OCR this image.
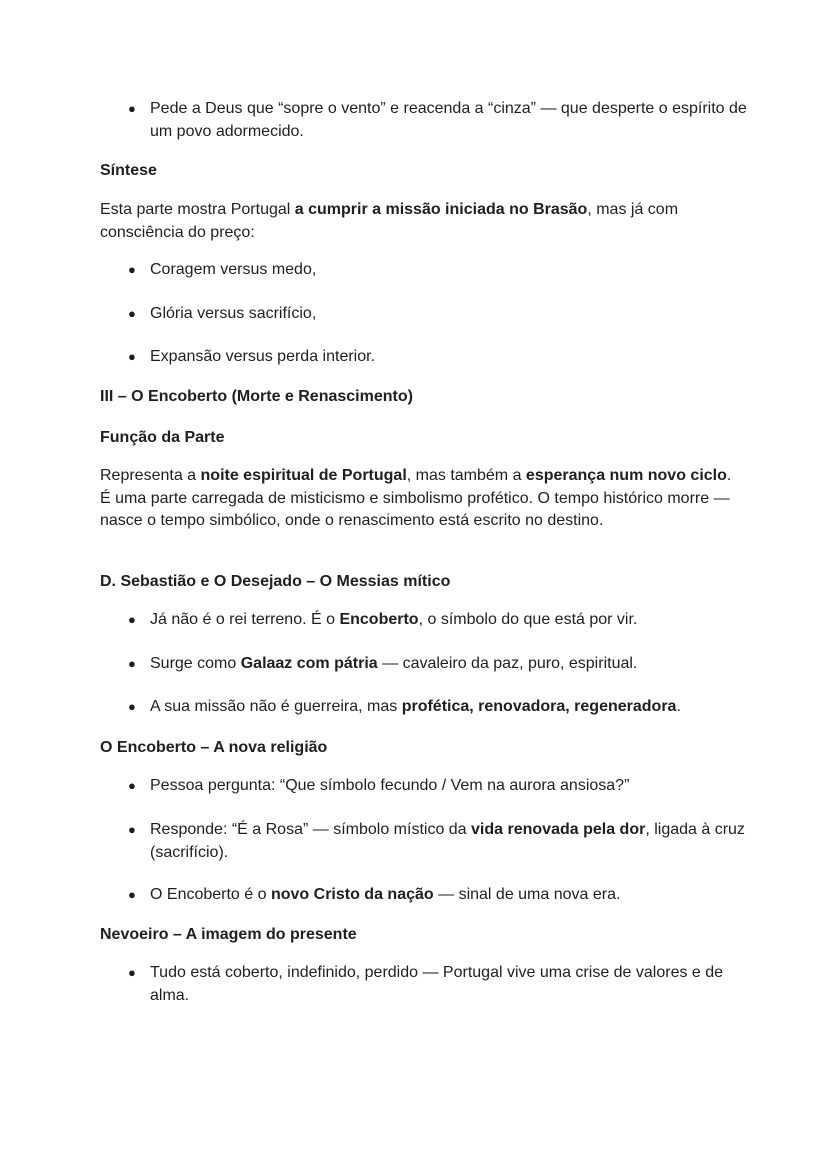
● Pede a Deus que “sopre o vento” e reacenda a “cinza” — que desperte o espírito de um povo adormecido.

Síntese

Esta parte mostra Portugal a cumprir a missão iniciada no Brasão, mas já com consciência do preço:

● Coragem versus medo,

● Glória versus sacrifício,

● Expansão versus perda interior.

III – O Encoberto (Morte e Renascimento)

Função da Parte

Representa a noite espiritual de Portugal, mas também a esperança num novo ciclo. É uma parte carregada de misticismo e simbolismo profético. O tempo histórico morre — nasce o tempo simbólico, onde o renascimento está escrito no destino.

D. Sebastião e O Desejado – O Messias mítico

● Já não é o rei terreno. É o Encoberto, o símbolo do que está por vir.

● Surge como Galaaz com pátria — cavaleiro da paz, puro, espiritual.

● A sua missão não é guerreira, mas profética, renovadora, regeneradora.

O Encoberto – A nova religião

● Pessoa pergunta: “Que símbolo fecundo / Vem na aurora ansiosa?”

● Responde: “É a Rosa” — símbolo místico da vida renovada pela dor, ligada à cruz (sacrifício).

● O Encoberto é o novo Cristo da nação — sinal de uma nova era.

Nevoeiro – A imagem do presente

● Tudo está coberto, indefinido, perdido — Portugal vive uma crise de valores e de alma.
